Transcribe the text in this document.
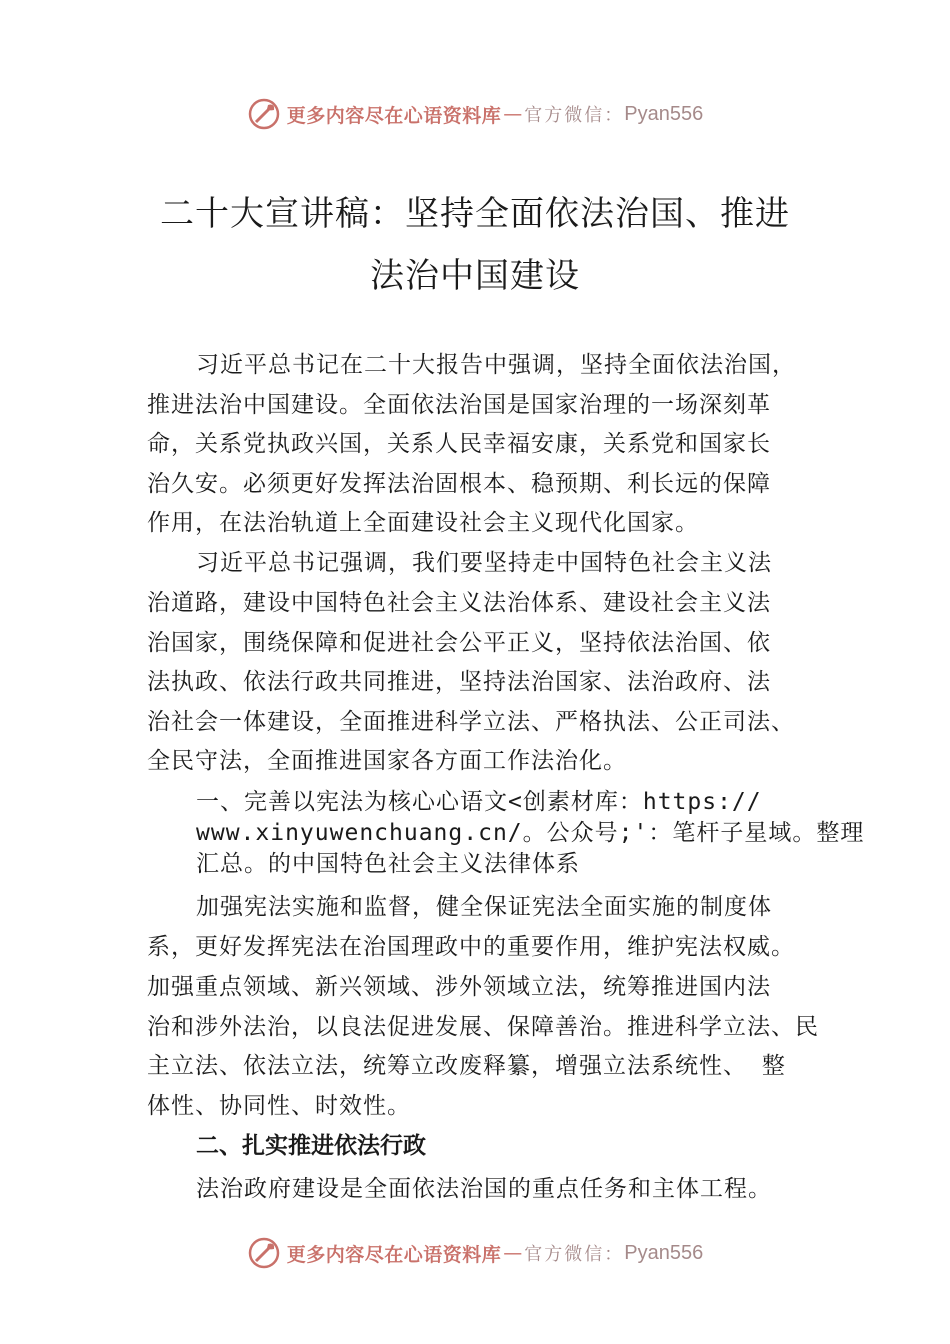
更多内容尽在心语资料库 — 官方微信： Pyan556
二十大宣讲稿：坚持全面依法治国、推进
法治中国建设
习近平总书记在二十大报告中强调，坚持全面依法治国，
推进法治中国建设。全面依法治国是国家治理的一场深刻革
命，关系党执政兴国，关系人民幸福安康，关系党和国家长
治久安。必须更好发挥法治固根本、稳预期、利长远的保障
作用，在法治轨道上全面建设社会主义现代化国家。
习近平总书记强调，我们要坚持走中国特色社会主义法
治道路，建设中国特色社会主义法治体系、建设社会主义法
治国家，围绕保障和促进社会公平正义，坚持依法治国、依
法执政、依法行政共同推进，坚持法治国家、法治政府、法
治社会一体建设，全面推进科学立法、严格执法、公正司法、
全民守法，全面推进国家各方面工作法治化。
一、完善以宪法为核心心语文<创素材库：https://
www.xinyuwenchuang.cn/。公众号;'：笔杆子星域。整理
汇总。的中国特色社会主义法律体系
加强宪法实施和监督，健全保证宪法全面实施的制度体
系，更好发挥宪法在治国理政中的重要作用，维护宪法权威。
加强重点领域、新兴领域、涉外领域立法，统筹推进国内法
治和涉外法治，以良法促进发展、保障善治。推进科学立法、民
主立法、依法立法，统筹立改废释纂，增强立法系统性、 整
体性、协同性、时效性。
二、扎实推进依法行政
法治政府建设是全面依法治国的重点任务和主体工程。
更多内容尽在心语资料库 — 官方微信： Pyan556
